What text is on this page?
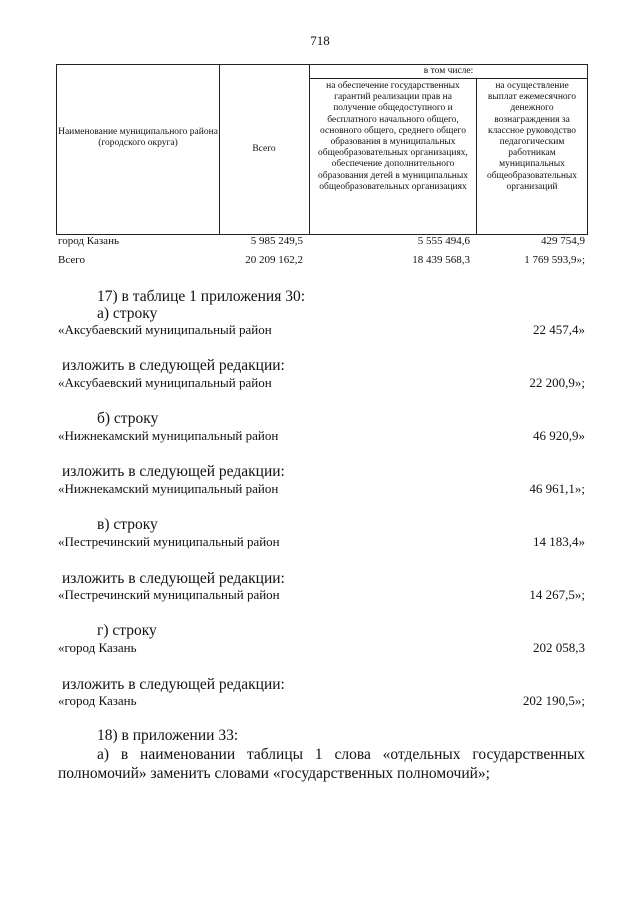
718
Наименование муниципального района (городского округа)
Всего
в том числе:
на обеспечение государственных гарантий реализации прав на получение общедоступного и бесплатного начального общего, основного общего, среднего общего образования в муниципальных общеобразовательных организациях, обеспечение дополнительного образования детей в муниципальных общеобразовательных организациях
на осуществление выплат ежемесячного денежного вознаграждения за классное руководство педагогическим работникам муниципальных общеобразовательных организаций
город Казань	5 985 249,5	5 555 494,6	429 754,9
Всего	20 209 162,2	18 439 568,3	1 769 593,9»;
17) в таблице 1 приложения 30:
а) строку
«Аксубаевский муниципальный район	22 457,4»
изложить в следующей редакции:
«Аксубаевский муниципальный район	22 200,9»;
б) строку
«Нижнекамский муниципальный район	46 920,9»
изложить в следующей редакции:
«Нижнекамский муниципальный район	46 961,1»;
в) строку
«Пестречинский муниципальный район	14 183,4»
изложить в следующей редакции:
«Пестречинский муниципальный район	14 267,5»;
г) строку
«город Казань	202 058,3
изложить в следующей редакции:
«город Казань	202 190,5»;
18) в приложении 33:
а) в наименовании таблицы 1 слова «отдельных государственных
полномочий» заменить словами «государственных полномочий»;
